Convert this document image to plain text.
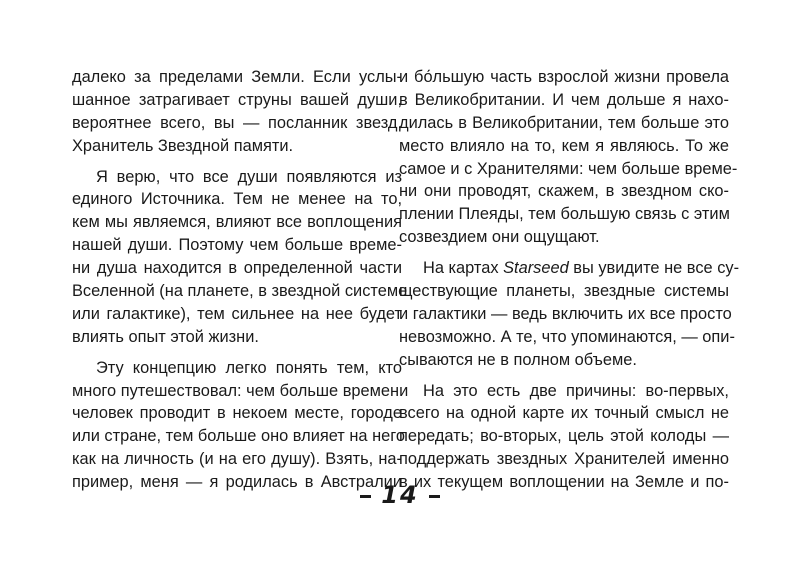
далеко за пределами Земли. Если услы-
шанное затрагивает струны вашей души,
вероятнее всего, вы — посланник звезд,
Хранитель Звездной памяти.
Я верю, что все души появляются из
единого Источника. Тем не менее на то,
кем мы являемся, влияют все воплощения
нашей души. Поэтому чем больше време-
ни душа находится в определенной части
Вселенной (на планете, в звездной системе
или галактике), тем сильнее на нее будет
влиять опыт этой жизни.
Эту концепцию легко понять тем, кто
много путешествовал: чем больше времени
человек проводит в некоем месте, городе
или стране, тем больше оно влияет на него
как на личность (и на его душу). Взять, на-
пример, меня — я родилась в Австралии
и бо́льшую часть взрослой жизни провела
в Великобритании. И чем дольше я нахо-
дилась в Великобритании, тем больше это
место влияло на то, кем я являюсь. То же
самое и с Хранителями: чем больше време-
ни они проводят, скажем, в звездном ско-
плении Плеяды, тем большую связь с этим
созвездием они ощущают.
На картах Starseed вы увидите не все су-
ществующие планеты, звездные системы
и галактики — ведь включить их все просто
невозможно. А те, что упоминаются, — опи-
сываются не в полном объеме.
На это есть две причины: во-первых,
всего на одной карте их точный смысл не
передать; во-вторых, цель этой колоды —
поддержать звездных Хранителей именно
в их текущем воплощении на Земле и по-
14
